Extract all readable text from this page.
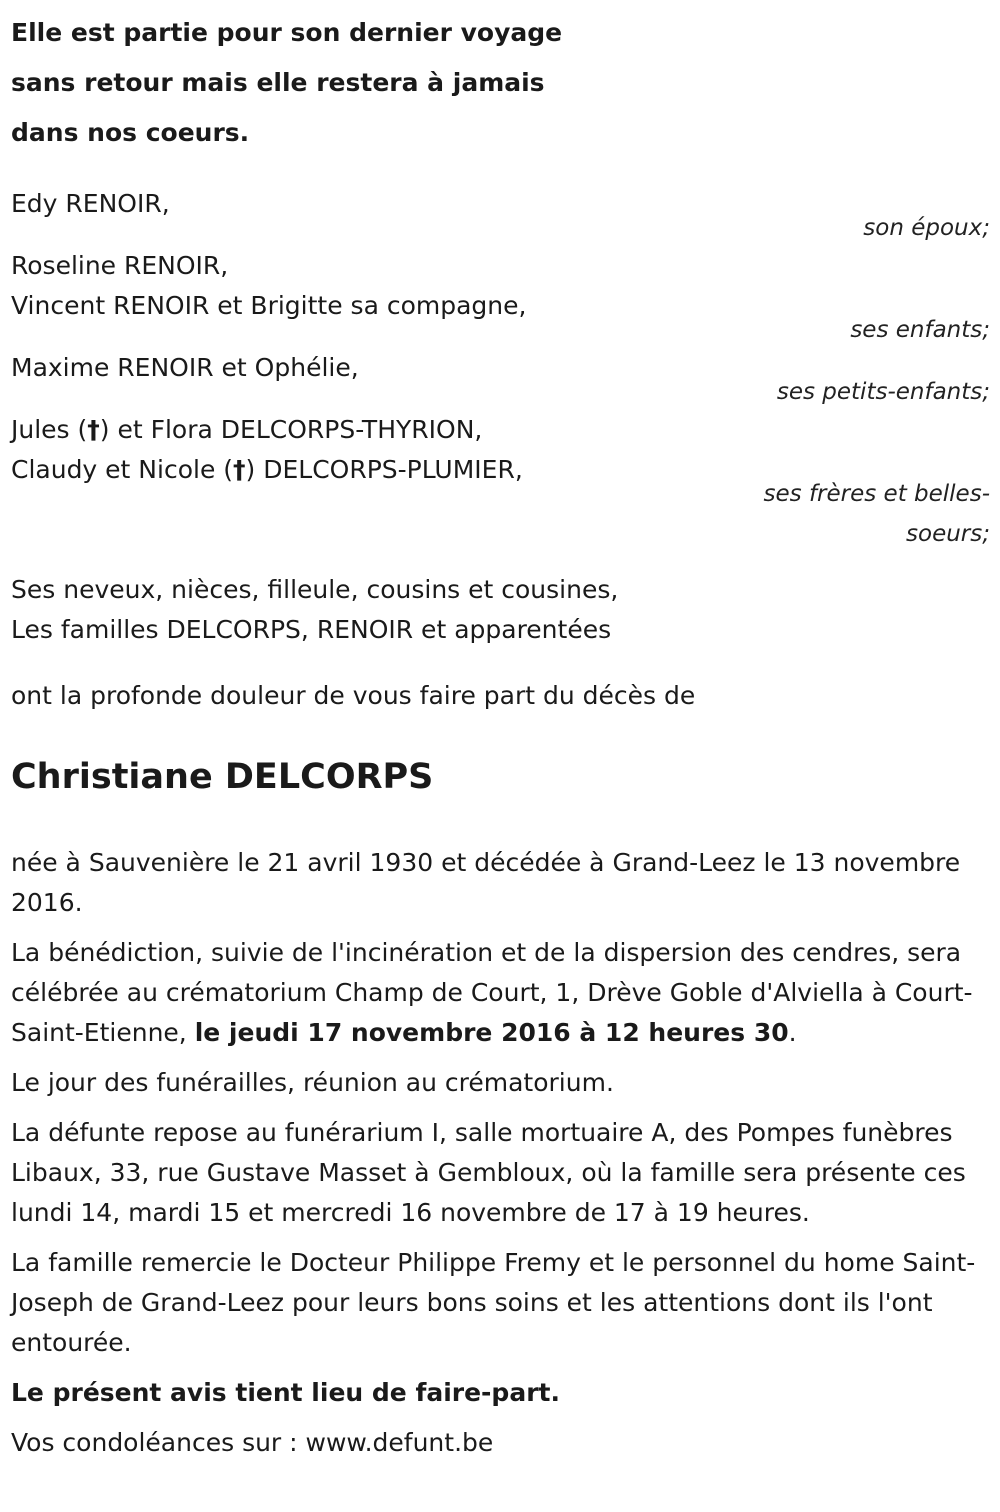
Elle est partie pour son dernier voyage
sans retour mais elle restera à jamais
dans nos coeurs.
Edy RENOIR,
son époux;
Roseline RENOIR,
Vincent RENOIR et Brigitte sa compagne,
ses enfants;
Maxime RENOIR et Ophélie,
ses petits-enfants;
Jules (†) et Flora DELCORPS-THYRION,
Claudy et Nicole (†) DELCORPS-PLUMIER,
ses frères et belles-
soeurs;
Ses neveux, nièces, filleule, cousins et cousines,
Les familles DELCORPS, RENOIR et apparentées
ont la profonde douleur de vous faire part du décès de
Christiane DELCORPS

née à Sauvenière le 21 avril 1930 et décédée à Grand-Leez le 13 novembre 2016.

La bénédiction, suivie de l'incinération et de la dispersion des cendres, sera célébrée au crématorium Champ de Court, 1, Drève Goble d'Alviella à Court-Saint-Etienne, le jeudi 17 novembre 2016 à 12 heures 30.

Le jour des funérailles, réunion au crématorium.

La défunte repose au funérarium I, salle mortuaire A, des Pompes funèbres Libaux, 33, rue Gustave Masset à Gembloux, où la famille sera présente ces lundi 14, mardi 15 et mercredi 16 novembre de 17 à 19 heures.

La famille remercie le Docteur Philippe Fremy et le personnel du home Saint-Joseph de Grand-Leez pour leurs bons soins et les attentions dont ils l'ont entourée.

Le présent avis tient lieu de faire-part.

Vos condoléances sur : www.defunt.be
